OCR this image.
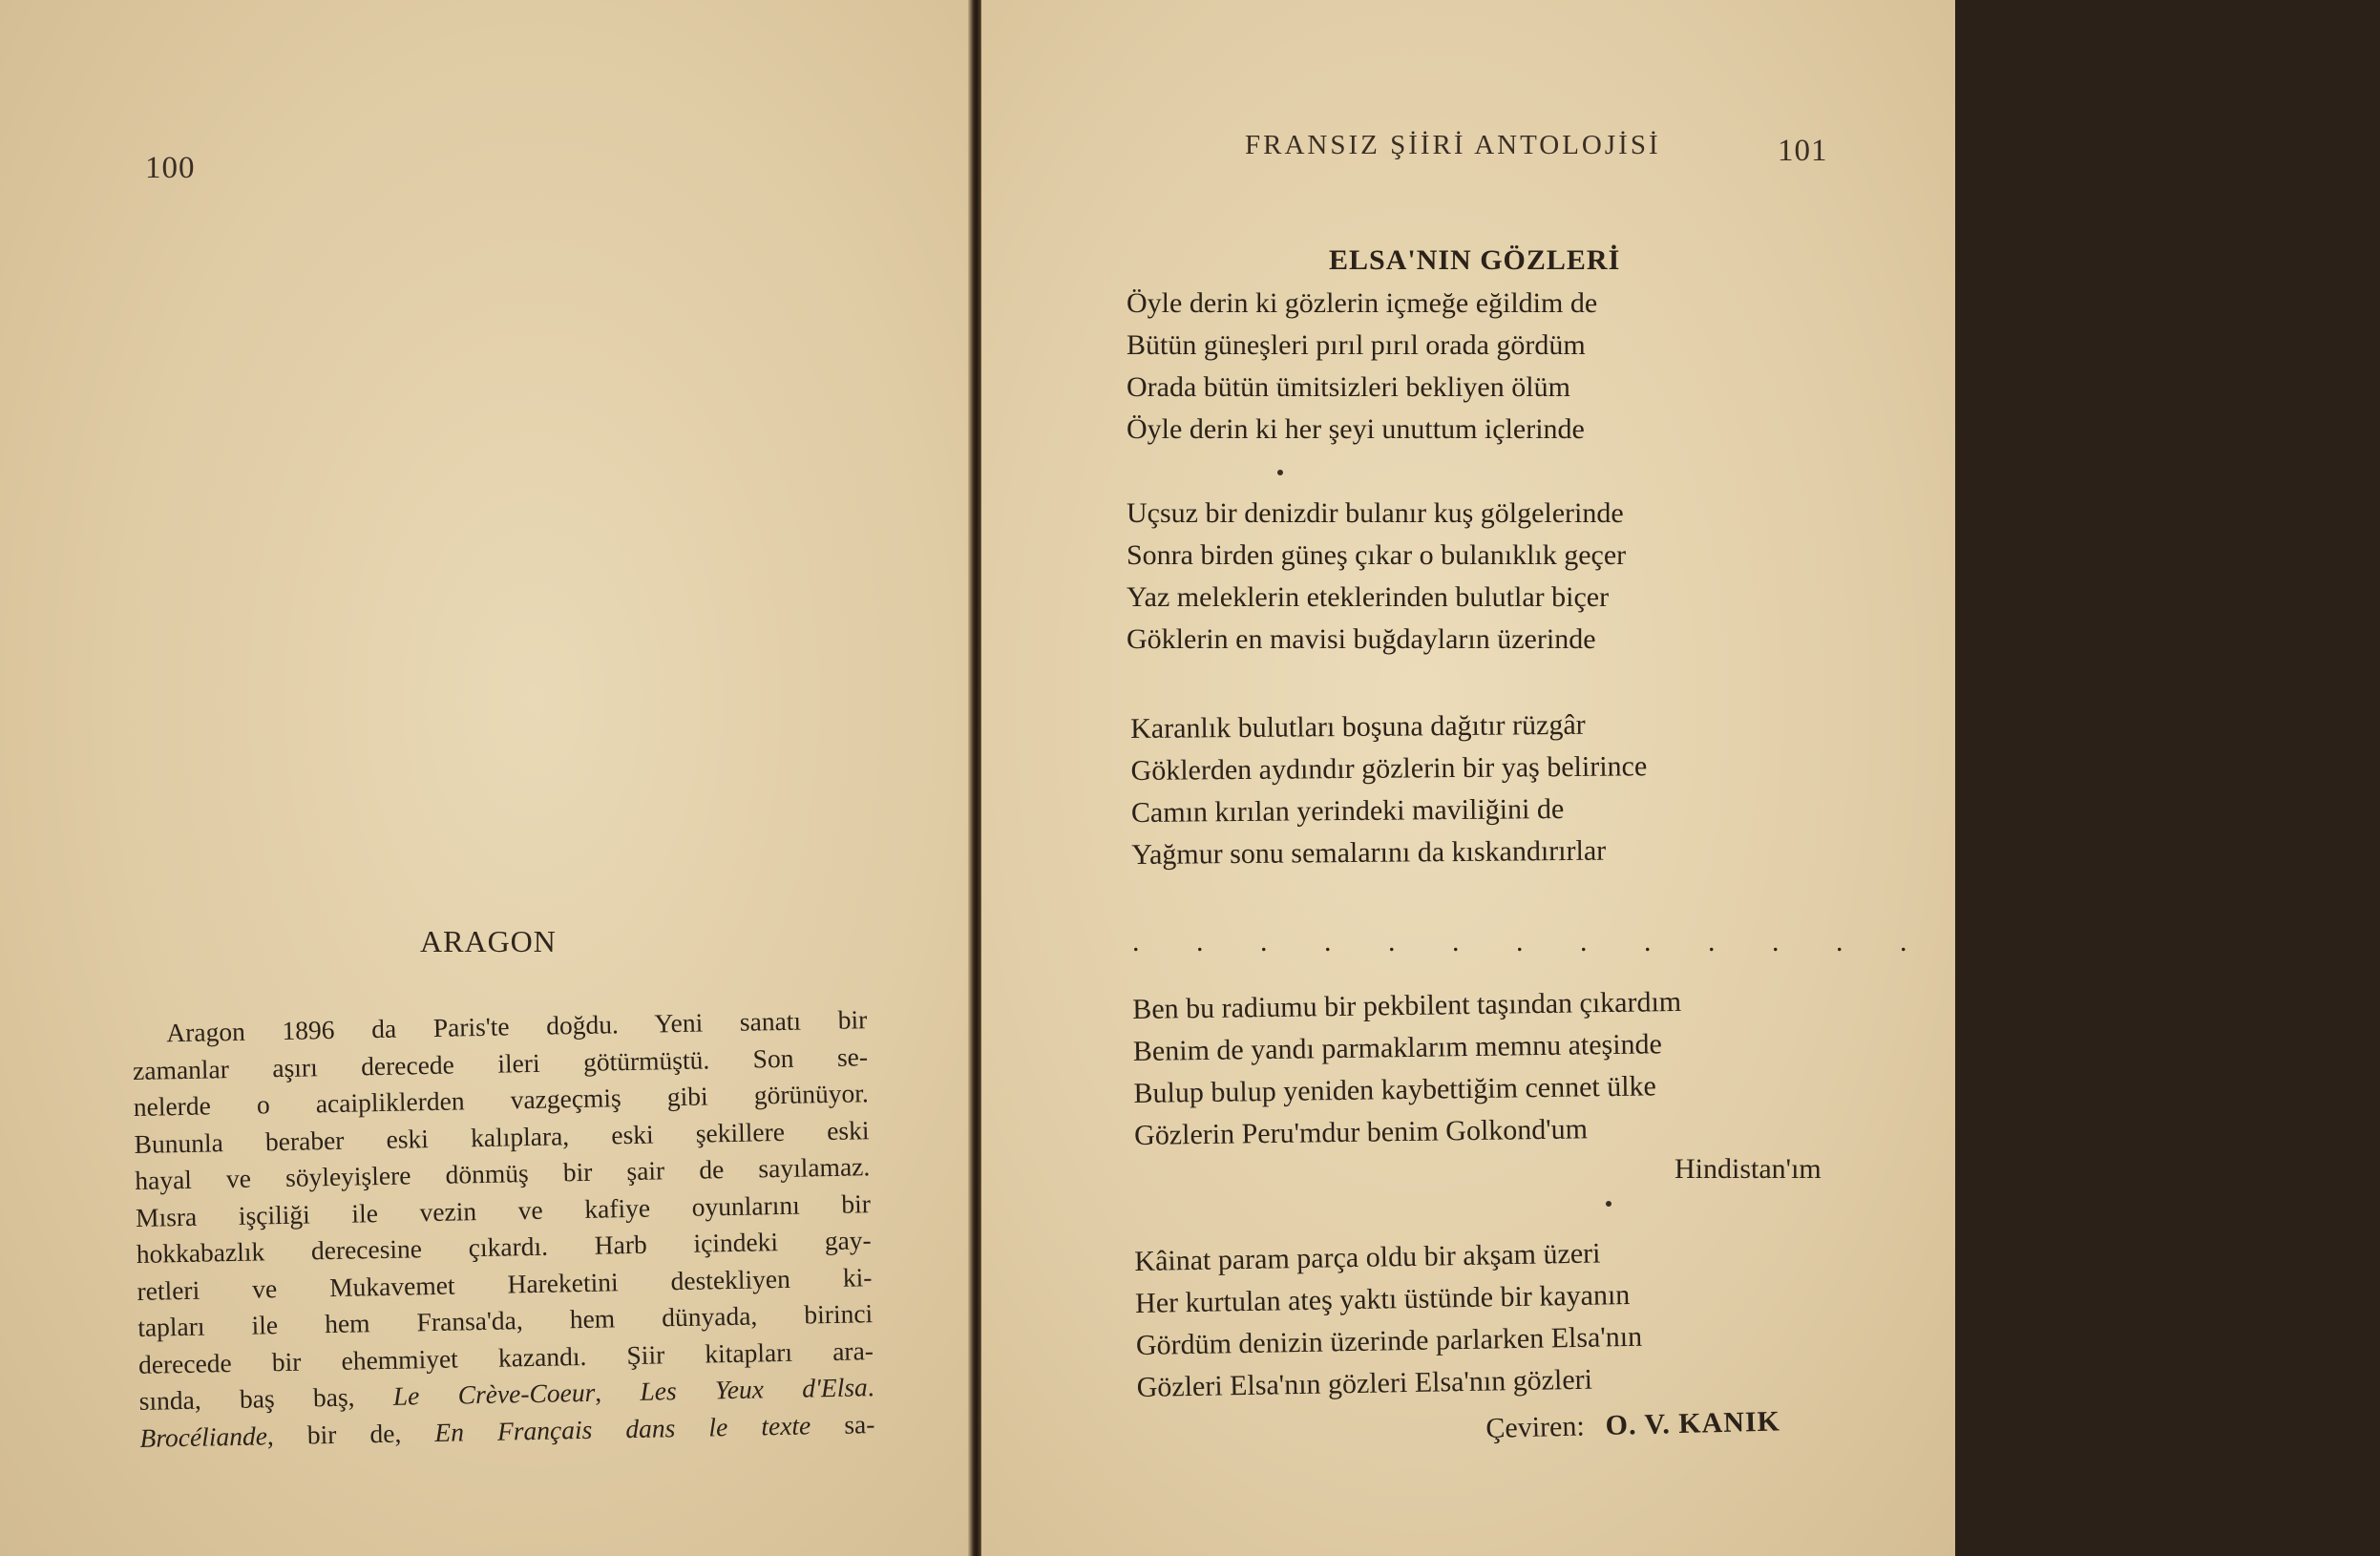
100
ARAGON
Aragon 1896 da Paris'te doğdu. Yeni sanatı bir
zamanlar aşırı derecede ileri götürmüştü. Son se-
nelerde o acaipliklerden vazgeçmiş gibi görünüyor.
Bununla beraber eski kalıplara, eski şekillere eski
hayal ve söyleyişlere dönmüş bir şair de sayılamaz.
Mısra işçiliği ile vezin ve kafiye oyunlarını bir
hokkabazlık derecesine çıkardı. Harb içindeki gay-
retleri ve Mukavemet Hareketini destekliyen ki-
tapları ile hem Fransa'da, hem dünyada, birinci
derecede bir ehemmiyet kazandı. Şiir kitapları ara-
sında, baş baş, Le Crève-Coeur, Les Yeux d'Elsa.
Brocéliande, bir de, En Français dans le texte sa-
FRANSIZ ŞİİRİ ANTOLOJİSİ	101
ELSA'NIN GÖZLERİ
Öyle derin ki gözlerin içmeğe eğildim de
Bütün güneşleri pırıl pırıl orada gördüm
Orada bütün ümitsizleri bekliyen ölüm
Öyle derin ki her şeyi unuttum içlerinde
Uçsuz bir denizdir bulanır kuş gölgelerinde
Sonra birden güneş çıkar o bulanıklık geçer
Yaz meleklerin eteklerinden bulutlar biçer
Göklerin en mavisi buğdayların üzerinde
Karanlık bulutları boşuna dağıtır rüzgâr
Göklerden aydındır gözlerin bir yaş belirince
Camın kırılan yerindeki maviliğini de
Yağmur sonu semalarını da kıskandırırlar
. . . . . . . . . . . . . . . . . . . .
Ben bu radiumu bir pekbilent taşından çıkardım
Benim de yandı parmaklarım memnu ateşinde
Bulup bulup yeniden kaybettiğim cennet ülke
Gözlerin Peru'mdur benim Golkond'um
Hindistan'ım
Kâinat param parça oldu bir akşam üzeri
Her kurtulan ateş yaktı üstünde bir kayanın
Gördüm denizin üzerinde parlarken Elsa'nın
Gözleri Elsa'nın gözleri Elsa'nın gözleri
Çeviren: O. V. KANIK
